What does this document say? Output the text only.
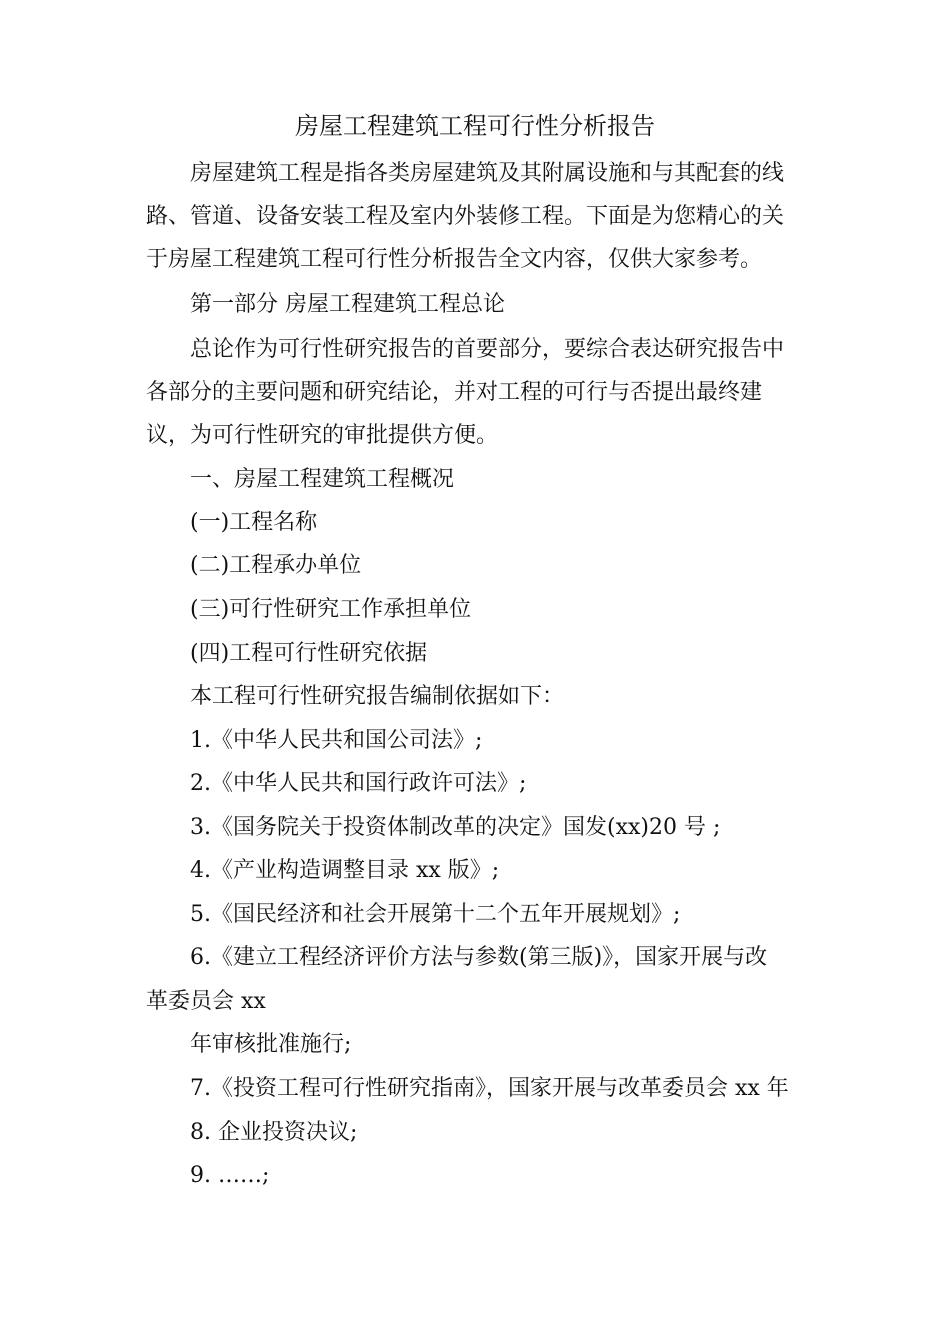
房屋工程建筑工程可行性分析报告
房屋建筑工程是指各类房屋建筑及其附属设施和与其配套的线
路、管道、设备安装工程及室内外装修工程。下面是为您精心的关
于房屋工程建筑工程可行性分析报告全文内容，仅供大家参考。
第一部分 房屋工程建筑工程总论
总论作为可行性研究报告的首要部分，要综合表达研究报告中
各部分的主要问题和研究结论，并对工程的可行与否提出最终建
议，为可行性研究的审批提供方便。
一、房屋工程建筑工程概况
(一)工程名称
(二)工程承办单位
(三)可行性研究工作承担单位
(四)工程可行性研究依据
本工程可行性研究报告编制依据如下：
1.《中华人民共和国公司法》;
2.《中华人民共和国行政许可法》;
3.《国务院关于投资体制改革的决定》国发(xx)20 号 ;
4.《产业构造调整目录 xx 版》;
5.《国民经济和社会开展第十二个五年开展规划》;
6.《建立工程经济评价方法与参数(第三版)》，国家开展与改
革委员会 xx
年审核批准施行;
7.《投资工程可行性研究指南》，国家开展与改革委员会 xx 年
8. 企业投资决议;
9. ……;
